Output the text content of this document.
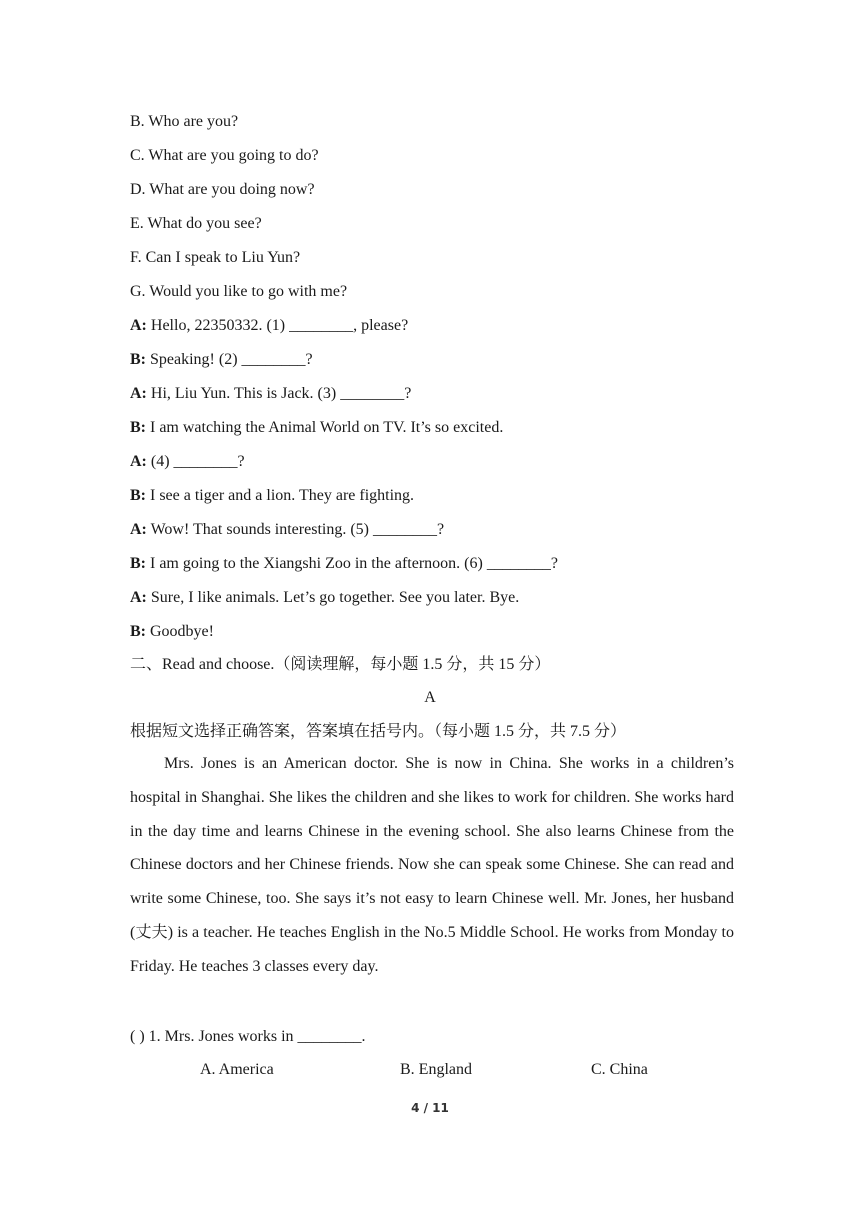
B. Who are you?
C. What are you going to do?
D. What are you doing now?
E. What do you see?
F. Can I speak to Liu Yun?
G. Would you like to go with me?
A: Hello, 22350332. (1) ________, please?
B: Speaking! (2) ________?
A: Hi, Liu Yun. This is Jack. (3) ________?
B: I am watching the Animal World on TV. It’s so excited.
A: (4) ________?
B: I see a tiger and a lion. They are fighting.
A: Wow! That sounds interesting. (5) ________?
B: I am going to the Xiangshi Zoo in the afternoon. (6) ________?
A: Sure, I like animals. Let’s go together. See you later. Bye.
B: Goodbye!
二、Read and choose.（阅读理解，每小题 1.5 分，共 15 分）
A
根据短文选择正确答案，答案填在括号内。（每小题 1.5 分，共 7.5 分）

Mrs. Jones is an American doctor. She is now in China. She works in a children’s hospital in Shanghai. She likes the children and she likes to work for children. She works hard in the day time and learns Chinese in the evening school. She also learns Chinese from the Chinese doctors and her Chinese friends. Now she can speak some Chinese. She can read and write some Chinese, too. She says it’s not easy to learn Chinese well. Mr. Jones, her husband (丈夫) is a teacher. He teaches English in the No.5 Middle School. He works from Monday to Friday. He teaches 3 classes every day.

( ) 1. Mrs. Jones works in ________.
A. America	B. England	C. China
4 / 11
